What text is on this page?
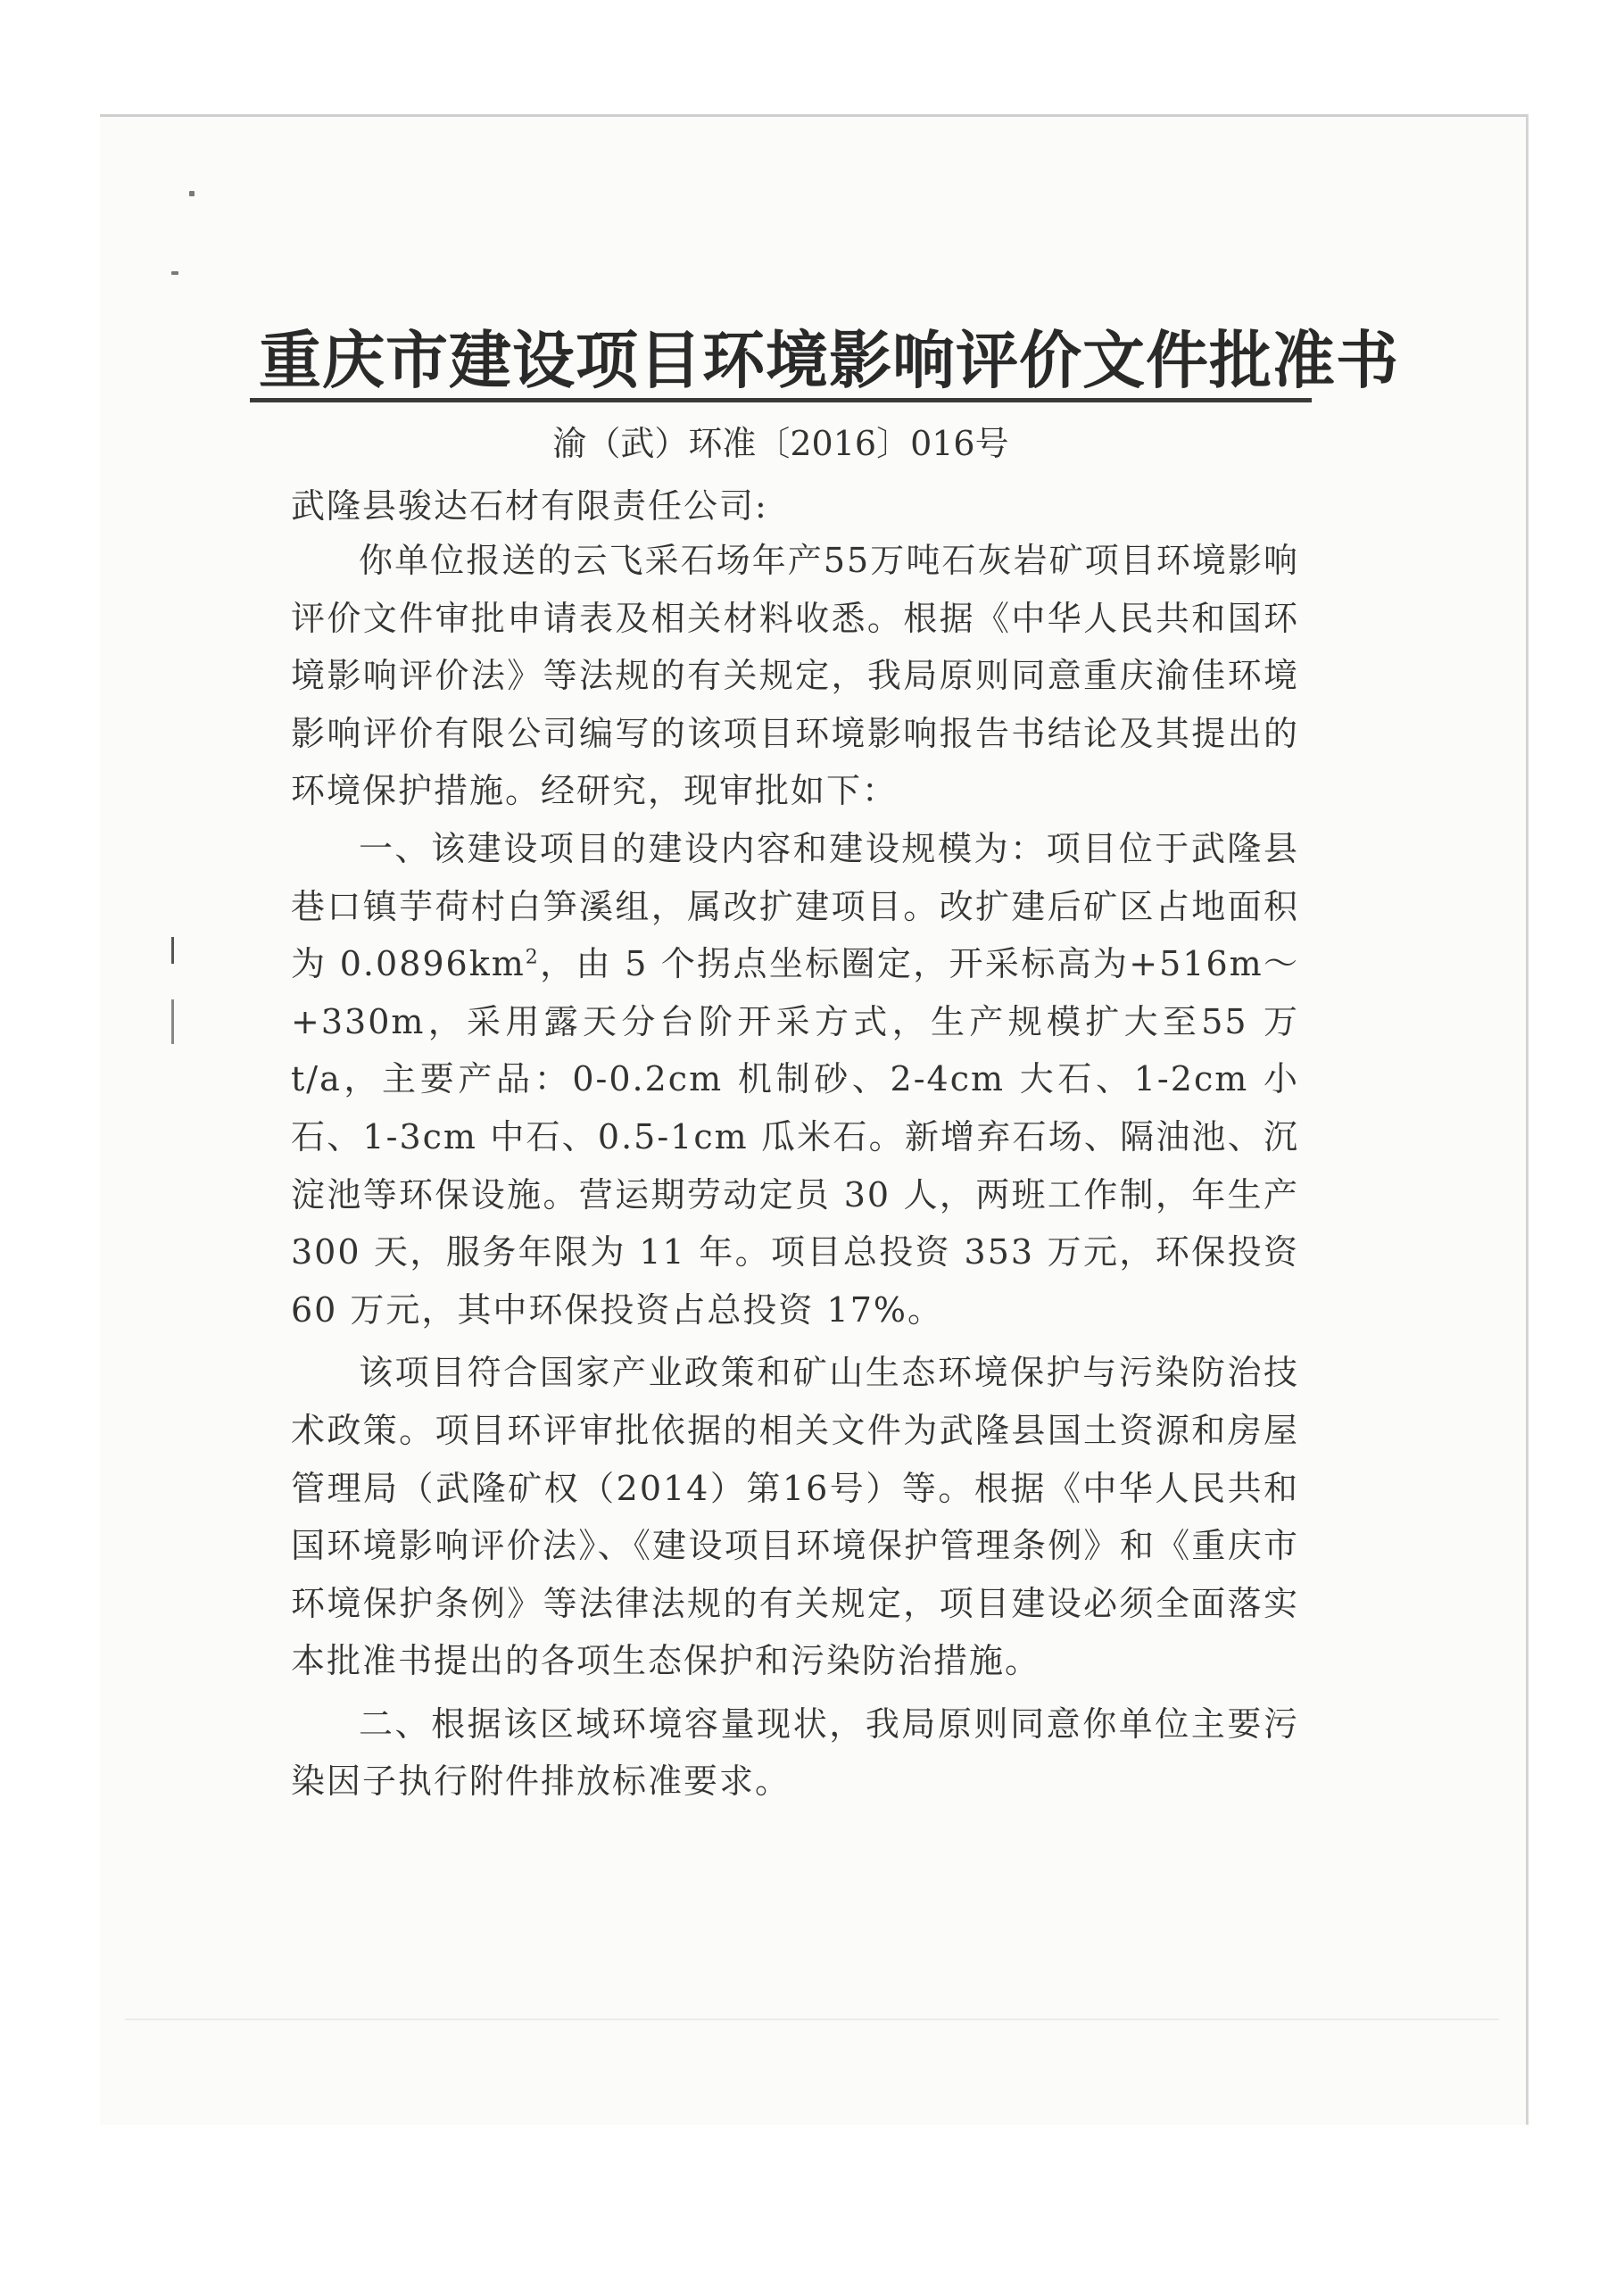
重庆市建设项目环境影响评价文件批准书
渝（武）环准〔2016〕016号
武隆县骏达石材有限责任公司:

你单位报送的云飞采石场年产55万吨石灰岩矿项目环境影响评价文件审批申请表及相关材料收悉。根据《中华人民共和国环境影响评价法》等法规的有关规定，我局原则同意重庆渝佳环境影响评价有限公司编写的该项目环境影响报告书结论及其提出的环境保护措施。经研究，现审批如下：

一、该建设项目的建设内容和建设规模为：项目位于武隆县巷口镇芋荷村白笋溪组，属改扩建项目。改扩建后矿区占地面积为 $0.0896km^2$，由 5 个拐点坐标圈定，开采标高为+516m～+330m，采用露天分台阶开采方式，生产规模扩大至55 万 t/a，主要产品：0-0.2cm 机制砂、2-4cm 大石、1-2cm 小石、1-3cm 中石、0.5-1cm 瓜米石。新增弃石场、隔油池、沉淀池等环保设施。营运期劳动定员 30 人，两班工作制，年生产 300 天，服务年限为 11 年。项目总投资 353 万元，环保投资 60 万元，其中环保投资占总投资 17%。

该项目符合国家产业政策和矿山生态环境保护与污染防治技术政策。项目环评审批依据的相关文件为武隆县国土资源和房屋管理局（武隆矿权（2014）第16号）等。根据《中华人民共和国环境影响评价法》、《建设项目环境保护管理条例》和《重庆市环境保护条例》等法律法规的有关规定，项目建设必须全面落实本批准书提出的各项生态保护和污染防治措施。

二、根据该区域环境容量现状，我局原则同意你单位主要污染因子执行附件排放标准要求。
